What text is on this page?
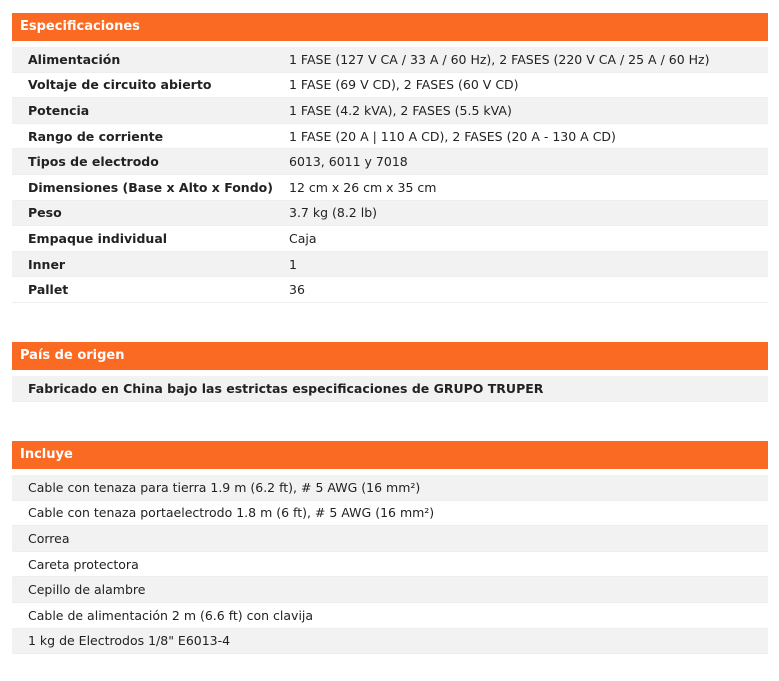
Especificaciones
Alimentación	1 FASE (127 V CA / 33 A / 60 Hz), 2 FASES (220 V CA / 25 A / 60 Hz)
Voltaje de circuito abierto	1 FASE (69 V CD), 2 FASES (60 V CD)
Potencia	1 FASE (4.2 kVA), 2 FASES (5.5 kVA)
Rango de corriente	1 FASE (20 A | 110 A CD), 2 FASES (20 A - 130 A CD)
Tipos de electrodo	6013, 6011 y 7018
Dimensiones (Base x Alto x Fondo)	12 cm x 26 cm x 35 cm
Peso	3.7 kg (8.2 lb)
Empaque individual	Caja
Inner	1
Pallet	36
País de origen
Fabricado en China bajo las estrictas especificaciones de GRUPO TRUPER
Incluye
Cable con tenaza para tierra 1.9 m (6.2 ft), # 5 AWG (16 mm²)
Cable con tenaza portaelectrodo 1.8 m (6 ft), # 5 AWG (16 mm²)
Correa
Careta protectora
Cepillo de alambre
Cable de alimentación 2 m (6.6 ft) con clavija
1 kg de Electrodos 1/8" E6013-4
